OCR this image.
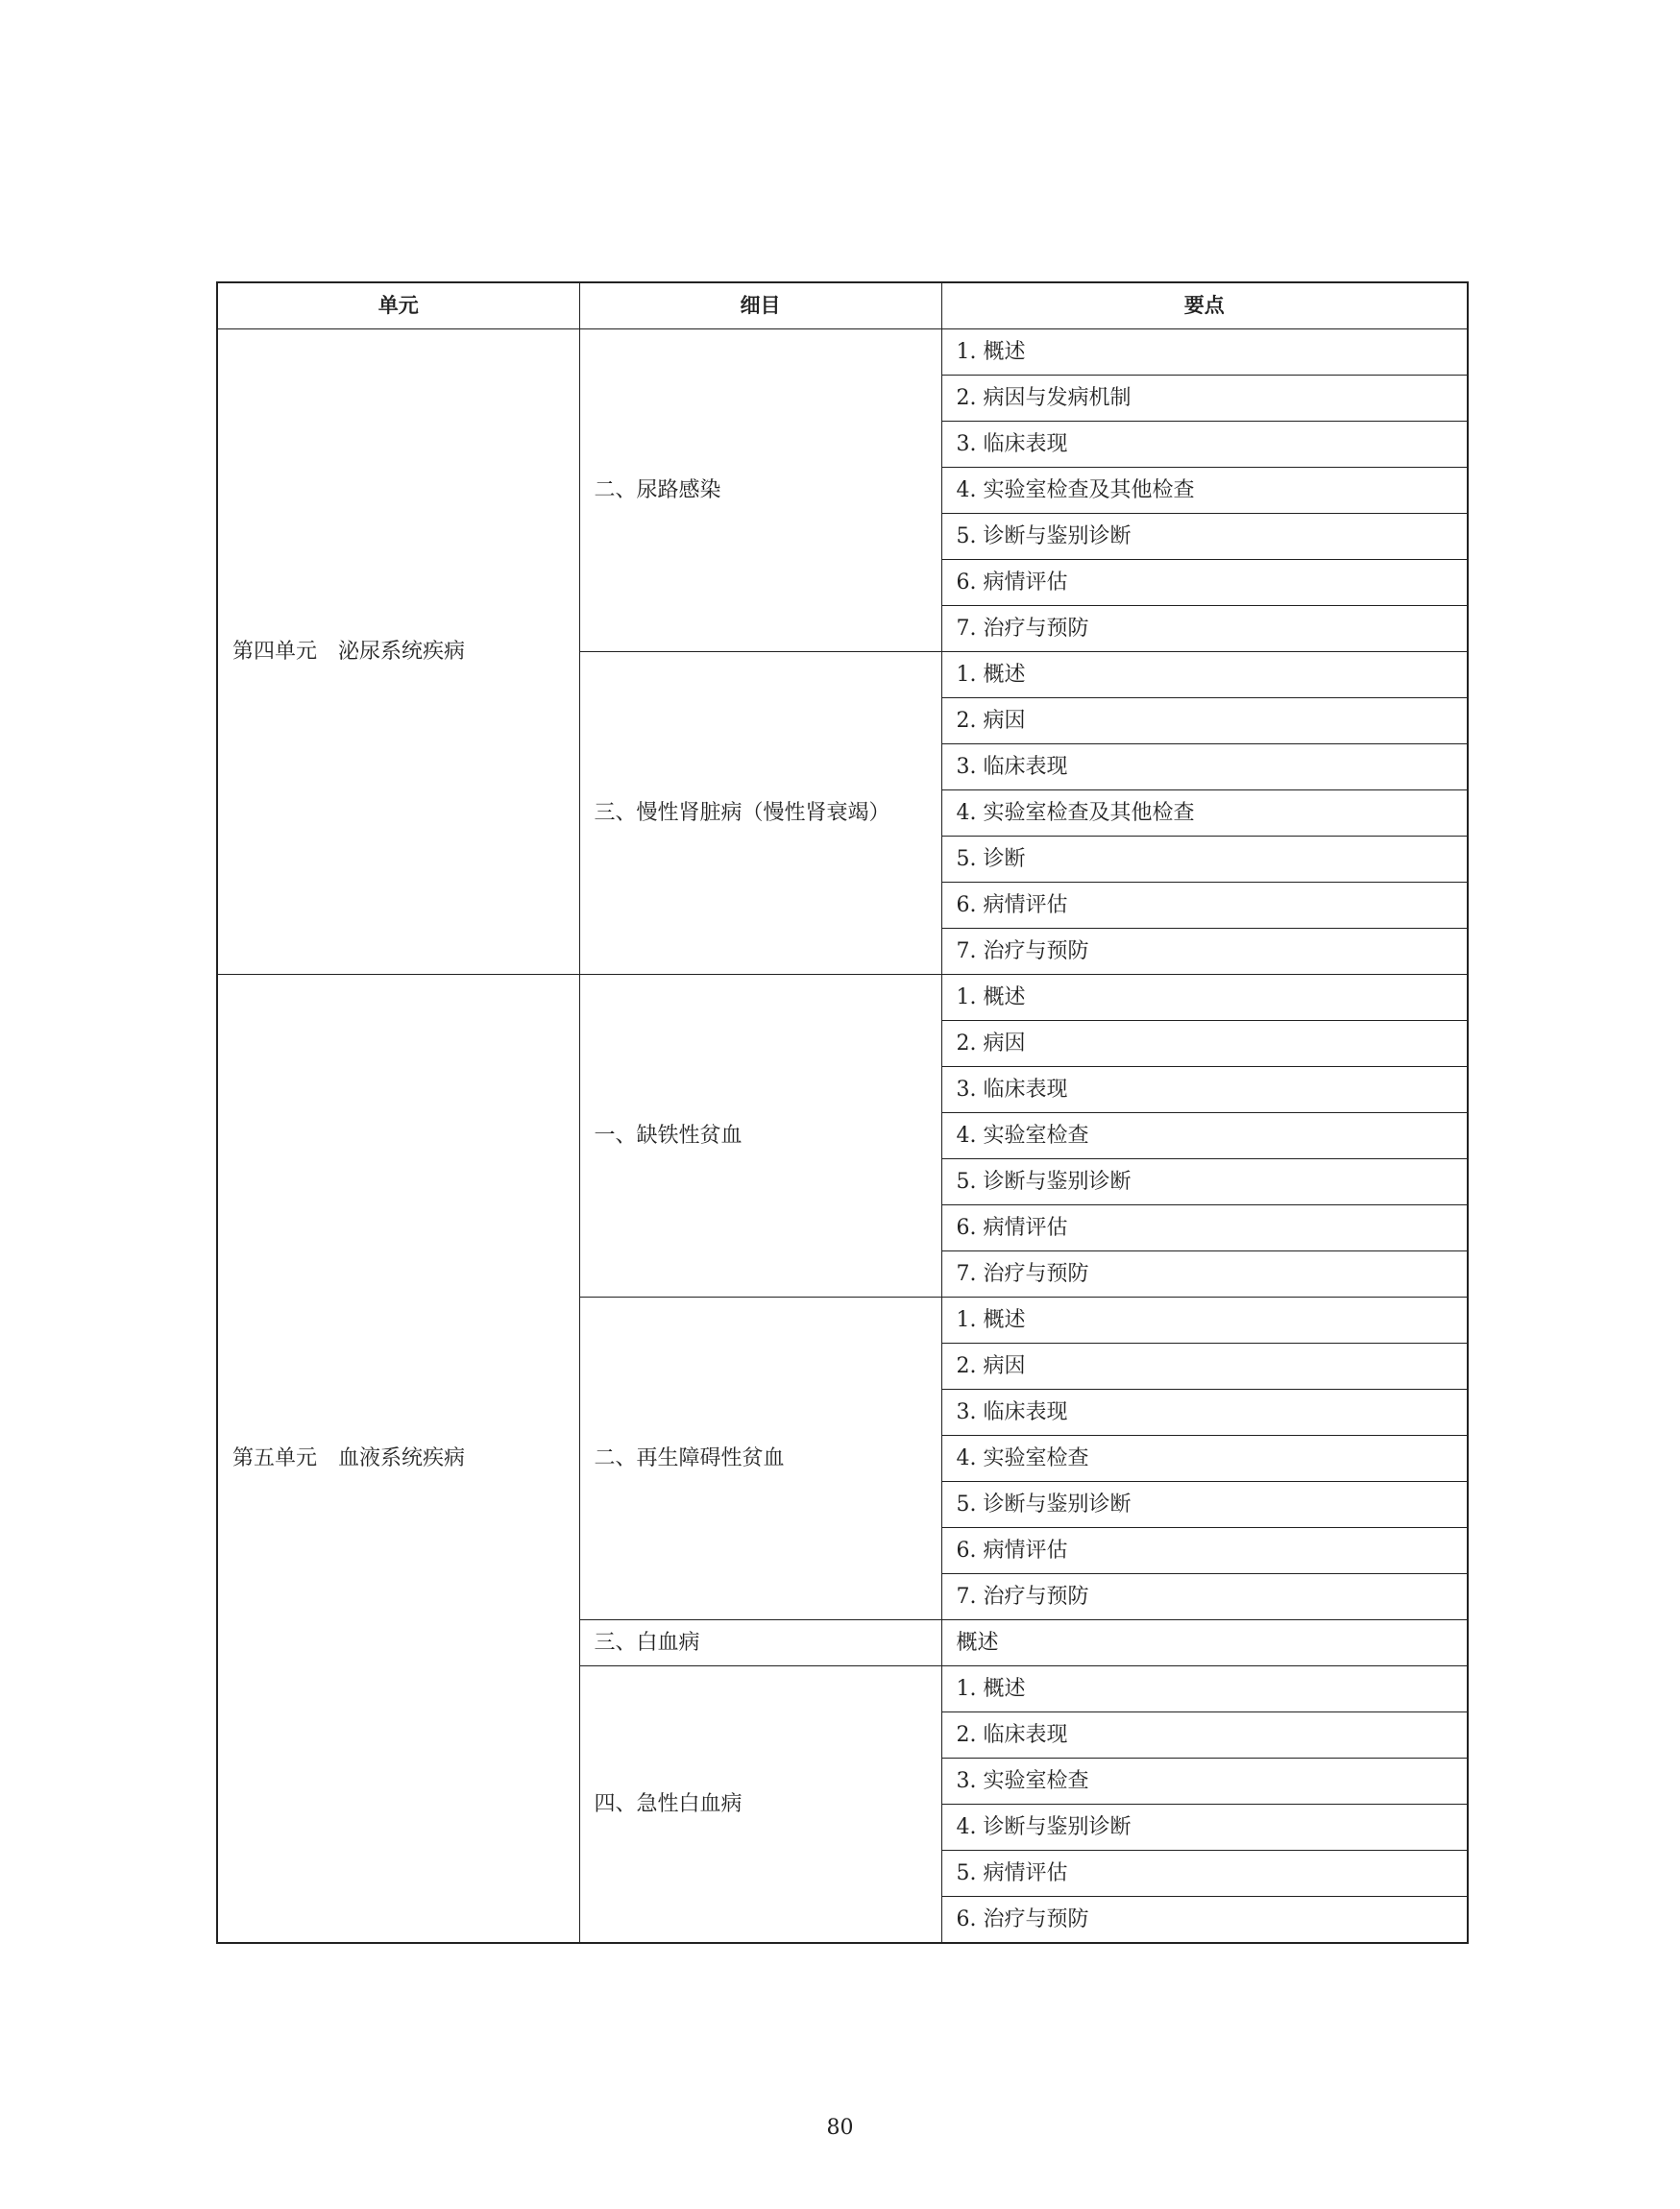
单元	细目	要点
第四单元　泌尿系统疾病	二、尿路感染	1. 概述
		2. 病因与发病机制
		3. 临床表现
		4. 实验室检查及其他检查
		5. 诊断与鉴别诊断
		6. 病情评估
		7. 治疗与预防
	三、慢性肾脏病（慢性肾衰竭）	1. 概述
		2. 病因
		3. 临床表现
		4. 实验室检查及其他检查
		5. 诊断
		6. 病情评估
		7. 治疗与预防
第五单元　血液系统疾病	一、缺铁性贫血	1. 概述
		2. 病因
		3. 临床表现
		4. 实验室检查
		5. 诊断与鉴别诊断
		6. 病情评估
		7. 治疗与预防
	二、再生障碍性贫血	1. 概述
		2. 病因
		3. 临床表现
		4. 实验室检查
		5. 诊断与鉴别诊断
		6. 病情评估
		7. 治疗与预防
	三、白血病	概述
	四、急性白血病	1. 概述
		2. 临床表现
		3. 实验室检查
		4. 诊断与鉴别诊断
		5. 病情评估
		6. 治疗与预防
80
